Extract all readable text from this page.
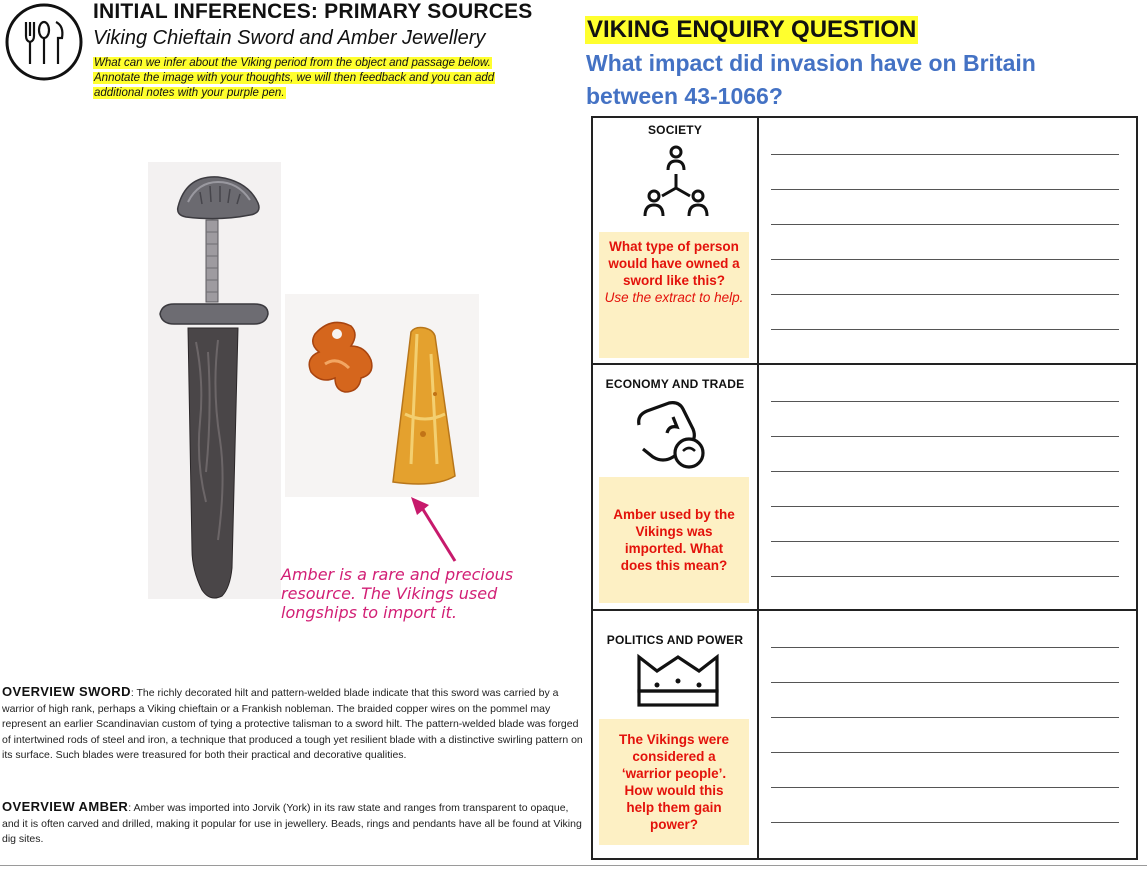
INITIAL INFERENCES: PRIMARY SOURCES
Viking Chieftain Sword and Amber Jewellery
What can we infer about the Viking period from the object and passage below.
Annotate the image with your thoughts, we will then feedback and you can add
additional notes with your purple pen.
Amber is a rare and precious
resource. The Vikings used
longships to import it.
OVERVIEW SWORD: The richly decorated hilt and pattern-welded blade indicate that this sword was carried by a warrior of high rank, perhaps a Viking chieftain or a Frankish nobleman. The braided copper wires on the pommel may represent an earlier Scandinavian custom of tying a protective talisman to a sword hilt. The pattern-welded blade was forged of intertwined rods of steel and iron, a technique that produced a tough yet resilient blade with a distinctive swirling pattern on its surface. Such blades were treasured for both their practical and decorative qualities.
OVERVIEW AMBER: Amber was imported into Jorvik (York) in its raw state and ranges from transparent to opaque, and it is often carved and drilled, making it popular for use in jewellery. Beads, rings and pendants have all be found at Viking dig sites.
VIKING ENQUIRY QUESTION
What impact did invasion have on Britain between 43-1066?
SOCIETY
What type of person would have owned a sword like this?
Use the extract to help.
ECONOMY AND TRADE
Amber used by the Vikings was imported. What does this mean?
POLITICS AND POWER
The Vikings were considered a ‘warrior people’. How would this help them gain power?
